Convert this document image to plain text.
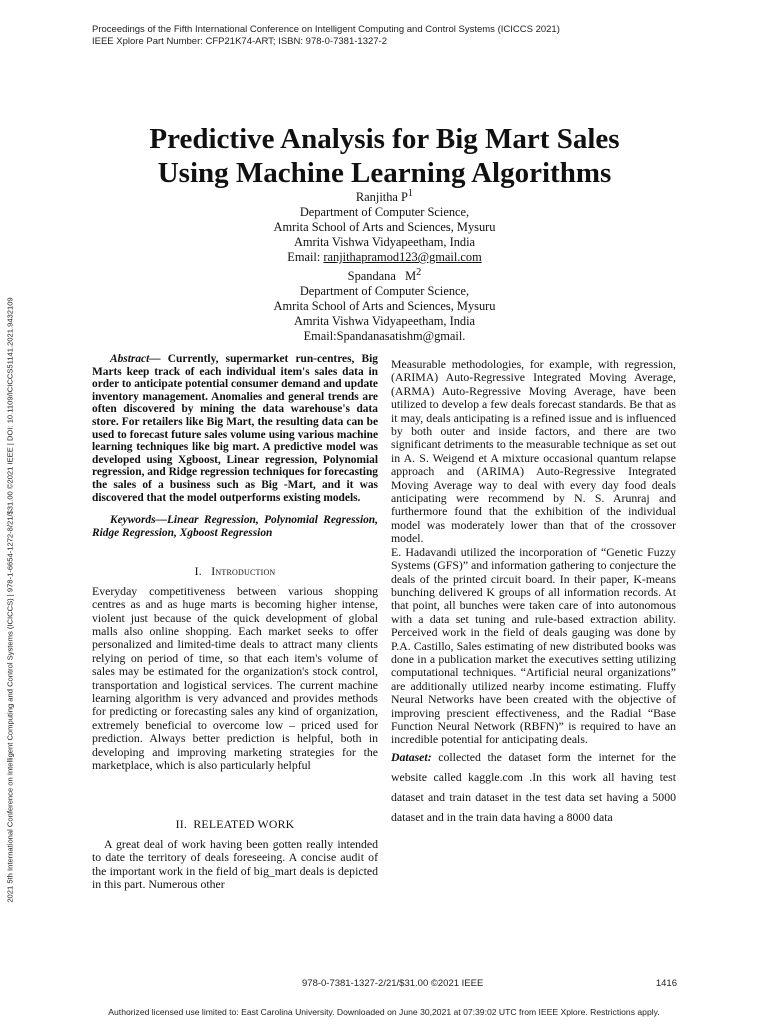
Proceedings of the Fifth International Conference on Intelligent Computing and Control Systems (ICICCS 2021)
IEEE Xplore Part Number: CFP21K74-ART; ISBN: 978-0-7381-1327-2
2021 5th International Conference on Intelligent Computing and Control Systems (ICICCS) | 978-1-6654-1272-8/21/$31.00 ©2021 IEEE | DOI: 10.1109/ICICCS51141.2021.9432109
Predictive Analysis for Big Mart Sales
Using Machine Learning Algorithms
Ranjitha $P^1$
Department of Computer Science,
Amrita School of Arts and Sciences, Mysuru
Amrita Vishwa Vidyapeetham, India
Email: ranjithapramod123@gmail.com
Spandana   $M^2$
Department of Computer Science,
Amrita School of Arts and Sciences, Mysuru
Amrita Vishwa Vidyapeetham, India
Email:Spandanasatishm@gmail.

Abstract— Currently, supermarket run-centres, Big Marts keep track of each individual item's sales data in order to anticipate potential consumer demand and update inventory management. Anomalies and general trends are often discovered by mining the data warehouse's data store. For retailers like Big Mart, the resulting data can be used to forecast future sales volume using various machine learning techniques like big mart. A predictive model was developed using Xgboost, Linear regression, Polynomial regression, and Ridge regression techniques for forecasting the sales of a business such as Big -Mart, and it was discovered that the model outperforms existing models.

Keywords—Linear Regression, Polynomial Regression, Ridge Regression, Xgboost Regression

I.   Introduction

Everyday competitiveness between various shopping centres as and as huge marts is becoming higher intense, violent just because of the quick development of global malls also online shopping. Each market seeks to offer personalized and limited-time deals to attract many clients relying on period of time, so that each item's volume of sales may be estimated for the organization's stock control, transportation and logistical services. The current machine learning algorithm is very advanced and provides methods for predicting or forecasting sales any kind of organization, extremely beneficial to overcome low – priced used for prediction. Always better prediction is helpful, both in developing and improving marketing strategies for the marketplace, which is also particularly helpful

II.  RELEATED WORK

A great deal of work having been gotten really intended to date the territory of deals foreseeing. A concise audit of the important work in the field of big_mart deals is depicted in this part. Numerous other

Measurable methodologies, for example, with regression, (ARIMA) Auto-Regressive Integrated Moving Average, (ARMA) Auto-Regressive Moving Average, have been utilized to develop a few deals forecast standards. Be that as it may, deals anticipating is a refined issue and is influenced by both outer and inside factors, and there are two significant detriments to the measurable technique as set out in A. S. Weigend et A mixture occasional quantum relapse approach and (ARIMA) Auto-Regressive Integrated Moving Average way to deal with every day food deals anticipating were recommend by N. S. Arunraj and furthermore found that the exhibition of the individual model was moderately lower than that of the crossover model.

E. Hadavandi utilized the incorporation of “Genetic Fuzzy Systems (GFS)” and information gathering to conjecture the deals of the printed circuit board. In their paper, K-means bunching delivered K groups of all information records. At that point, all bunches were taken care of into autonomous with a data set tuning and rule-based extraction ability. Perceived work in the field of deals gauging was done by P.A. Castillo, Sales estimating of new distributed books was done in a publication market the executives setting utilizing computational techniques. “Artificial neural organizations” are additionally utilized nearby income estimating. Fluffy Neural Networks have been created with the objective of improving prescient effectiveness, and the Radial “Base Function Neural Network (RBFN)” is required to have an incredible potential for anticipating deals.

Dataset: collected the dataset form the internet for the website called kaggle.com .In this work all having test dataset and train dataset in the test data set having a 5000 dataset and in the train data having a 8000 data

978-0-7381-1327-2/21/$31.00 ©2021 IEEE	1416
Authorized licensed use limited to: East Carolina University. Downloaded on June 30,2021 at 07:39:02 UTC from IEEE Xplore. Restrictions apply.
